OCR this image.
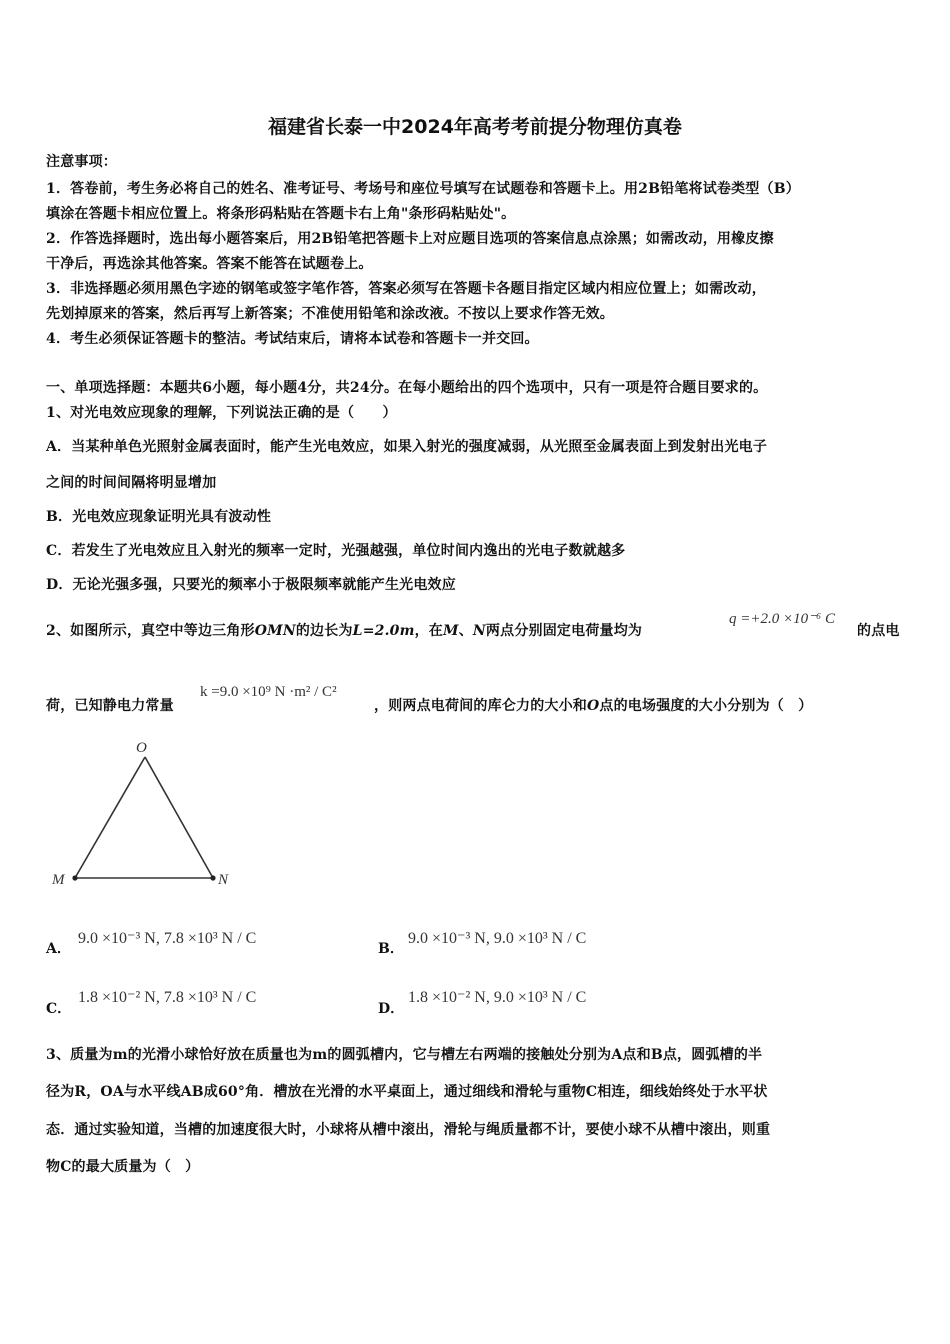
福建省长泰一中2024年高考考前提分物理仿真卷
注意事项：
1．答卷前，考生务必将自己的姓名、准考证号、考场号和座位号填写在试题卷和答题卡上。用2B铅笔将试卷类型（B）
填涂在答题卡相应位置上。将条形码粘贴在答题卡右上角"条形码粘贴处"。
2．作答选择题时，选出每小题答案后，用2B铅笔把答题卡上对应题目选项的答案信息点涂黑；如需改动，用橡皮擦
干净后，再选涂其他答案。答案不能答在试题卷上。
3．非选择题必须用黑色字迹的钢笔或签字笔作答，答案必须写在答题卡各题目指定区域内相应位置上；如需改动，
先划掉原来的答案，然后再写上新答案；不准使用铅笔和涂改液。不按以上要求作答无效。
4．考生必须保证答题卡的整洁。考试结束后，请将本试卷和答题卡一并交回。
一、单项选择题：本题共6小题，每小题4分，共24分。在每小题给出的四个选项中，只有一项是符合题目要求的。
1、对光电效应现象的理解，下列说法正确的是（　　）
A．当某种单色光照射金属表面时，能产生光电效应，如果入射光的强度减弱，从光照至金属表面上到发射出光电子
之间的时间间隔将明显增加
B．光电效应现象证明光具有波动性
C．若发生了光电效应且入射光的频率一定时，光强越强，单位时间内逸出的光电子数就越多
D．无论光强多强，只要光的频率小于极限频率就能产生光电效应
2、如图所示，真空中等边三角形OMN的边长为L=2.0m，在M、N两点分别固定电荷量均为
q =+2.0 ×10⁻⁶ C
的点电
荷，已知静电力常量
k =9.0 ×10⁹ N ·m² / C²
，则两点电荷间的库仑力的大小和O点的电场强度的大小分别为（　）
O
M	N
A．
9.0 ×10⁻³ N, 7.8 ×10³ N / C
B．
9.0 ×10⁻³ N, 9.0 ×10³ N / C
C．
1.8 ×10⁻² N, 7.8 ×10³ N / C
D．
1.8 ×10⁻² N, 9.0 ×10³ N / C
3、质量为m的光滑小球恰好放在质量也为m的圆弧槽内，它与槽左右两端的接触处分别为A点和B点，圆弧槽的半
径为R，OA与水平线AB成60°角．槽放在光滑的水平桌面上，通过细线和滑轮与重物C相连，细线始终处于水平状
态．通过实验知道，当槽的加速度很大时，小球将从槽中滚出，滑轮与绳质量都不计，要使小球不从槽中滚出，则重
物C的最大质量为（　）
